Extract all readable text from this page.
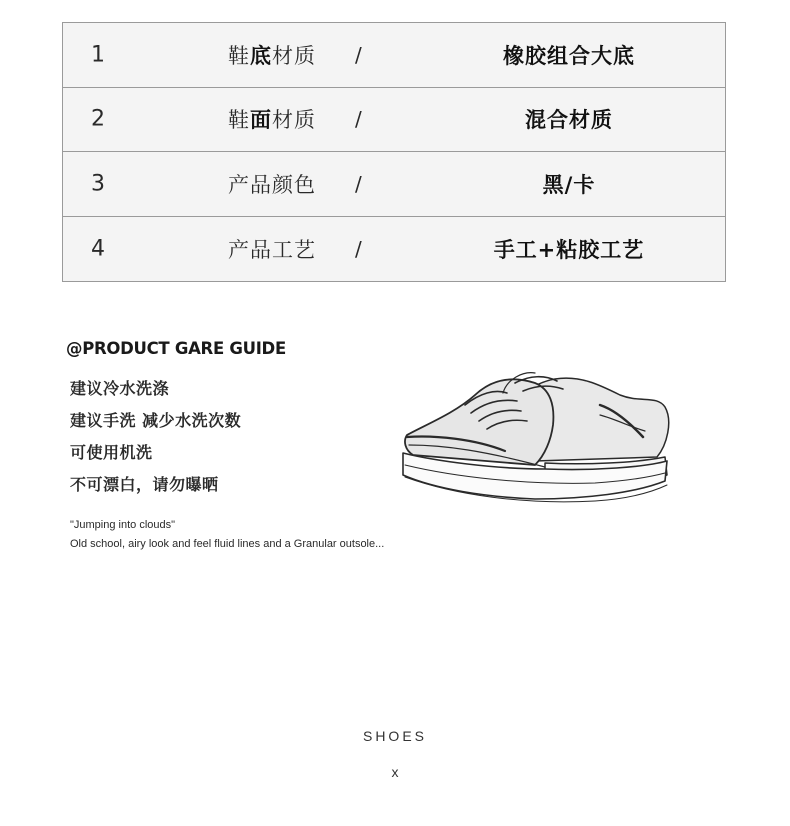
1	鞋底材质 /	橡胶组合大底
2	鞋面材质 /	混合材质
3	产品颜色 /	黑/卡
4	产品工艺 /	手工+粘胶工艺
@PRODUCT GARE GUIDE
建议冷水洗涤
建议手洗 减少水洗次数
可使用机洗
不可漂白，请勿曝晒
"Jumping into clouds"
Old school, airy look and feel fluid lines and a Granular outsole...
SHOES
x
